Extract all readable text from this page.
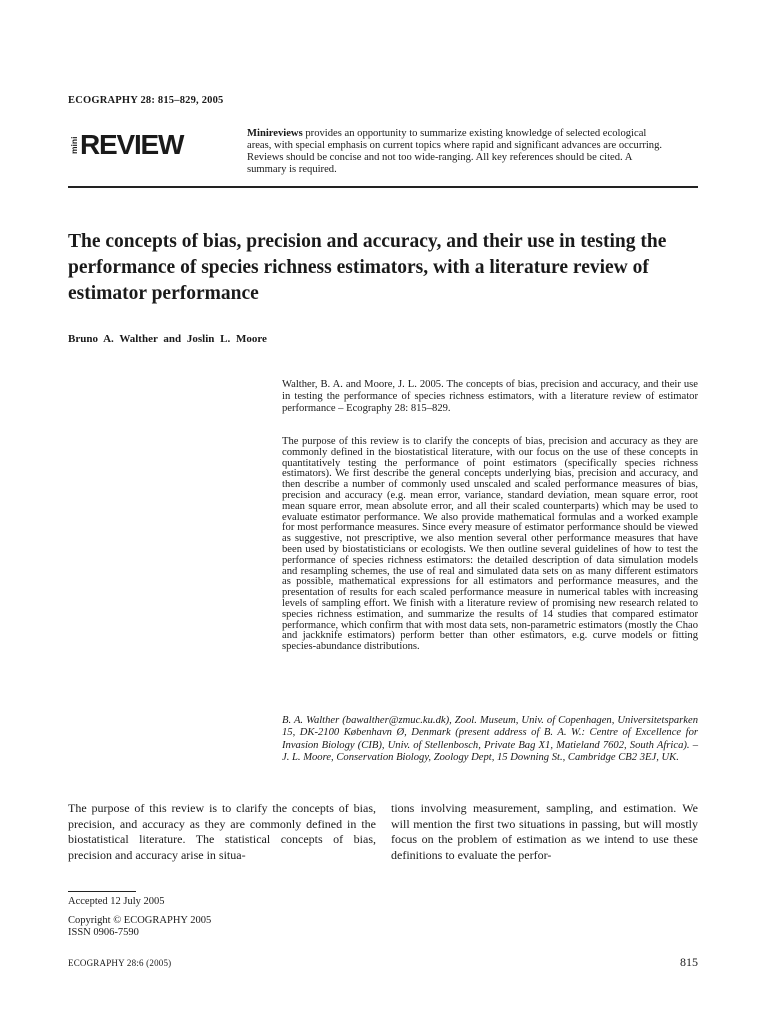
ECOGRAPHY 28: 815–829, 2005
mini REVIEW	Minireviews provides an opportunity to summarize existing knowledge of selected ecological areas, with special emphasis on current topics where rapid and significant advances are occurring. Reviews should be concise and not too wide-ranging. All key references should be cited. A summary is required.
The concepts of bias, precision and accuracy, and their use in testing the performance of species richness estimators, with a literature review of estimator performance
Bruno A. Walther and Joslin L. Moore
Walther, B. A. and Moore, J. L. 2005. The concepts of bias, precision and accuracy, and their use in testing the performance of species richness estimators, with a literature review of estimator performance – Ecography 28: 815–829.
The purpose of this review is to clarify the concepts of bias, precision and accuracy as they are commonly defined in the biostatistical literature, with our focus on the use of these concepts in quantitatively testing the performance of point estimators (specifically species richness estimators). We first describe the general concepts underlying bias, precision and accuracy, and then describe a number of commonly used unscaled and scaled performance measures of bias, precision and accuracy (e.g. mean error, variance, standard deviation, mean square error, root mean square error, mean absolute error, and all their scaled counterparts) which may be used to evaluate estimator performance. We also provide mathematical formulas and a worked example for most performance measures. Since every measure of estimator performance should be viewed as suggestive, not prescriptive, we also mention several other performance measures that have been used by biostatisticians or ecologists. We then outline several guidelines of how to test the performance of species richness estimators: the detailed description of data simulation models and resampling schemes, the use of real and simulated data sets on as many different estimators as possible, mathematical expressions for all estimators and performance measures, and the presentation of results for each scaled performance measure in numerical tables with increasing levels of sampling effort. We finish with a literature review of promising new research related to species richness estimation, and summarize the results of 14 studies that compared estimator performance, which confirm that with most data sets, non-parametric estimators (mostly the Chao and jackknife estimators) perform better than other estimators, e.g. curve models or fitting species-abundance distributions.
B. A. Walther (bawalther@zmuc.ku.dk), Zool. Museum, Univ. of Copenhagen, Universitetsparken 15, DK-2100 København Ø, Denmark (present address of B. A. W.: Centre of Excellence for Invasion Biology (CIB), Univ. of Stellenbosch, Private Bag X1, Matieland 7602, South Africa). – J. L. Moore, Conservation Biology, Zoology Dept, 15 Downing St., Cambridge CB2 3EJ, UK.
The purpose of this review is to clarify the concepts of bias, precision, and accuracy as they are commonly defined in the biostatistical literature. The statistical concepts of bias, precision and accuracy arise in situa-
tions involving measurement, sampling, and estimation. We will mention the first two situations in passing, but will mostly focus on the problem of estimation as we intend to use these definitions to evaluate the perfor-
Accepted 12 July 2005
Copyright © ECOGRAPHY 2005
ISSN 0906-7590
ECOGRAPHY 28:6 (2005)	815
